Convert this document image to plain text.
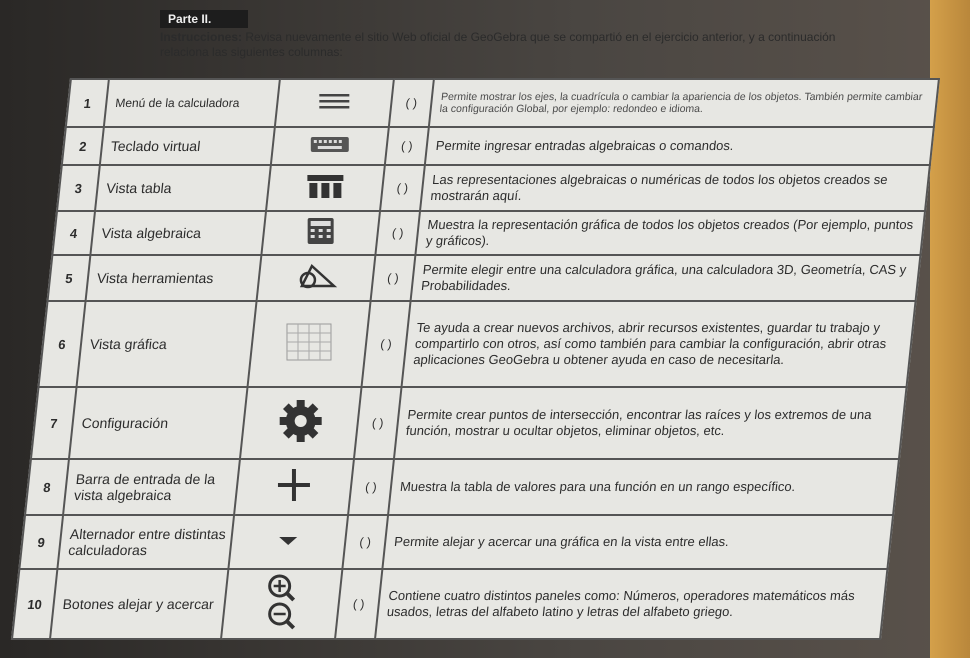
Parte II.
Instrucciones: Revisa nuevamente el sitio Web oficial de GeoGebra que se compartió en el ejercicio anterior, y a continuación relaciona las siguientes columnas:
1	Menú de la calculadora		( )	Permite mostrar los ejes, la cuadrícula o cambiar la apariencia de los objetos. También permite cambiar la configuración Global, por ejemplo: redondeo e idioma.
2	Teclado virtual		( )	Permite ingresar entradas algebraicas o comandos.
3	Vista tabla		( )	Las representaciones algebraicas o numéricas de todos los objetos creados se mostrarán aquí.
4	Vista algebraica		( )	Muestra la representación gráfica de todos los objetos creados (Por ejemplo, puntos y gráficos).
5	Vista herramientas		( )	Permite elegir entre una calculadora gráfica, una calculadora 3D, Geometría, CAS y Probabilidades.
6	Vista gráfica		( )	Te ayuda a crear nuevos archivos, abrir recursos existentes, guardar tu trabajo y compartirlo con otros, así como también para cambiar la configuración, abrir otras aplicaciones GeoGebra u obtener ayuda en caso de necesitarla.
7	Configuración		( )	Permite crear puntos de intersección, encontrar las raíces y los extremos de una función, mostrar u ocultar objetos, eliminar objetos, etc.
8	Barra de entrada de la vista algebraica		( )	Muestra la tabla de valores para una función en un rango específico.
9	Alternador entre distintas calculadoras		( )	Permite alejar y acercar una gráfica en la vista entre ellas.
10	Botones alejar y acercar		( )	Contiene cuatro distintos paneles como: Números, operadores matemáticos más usados, letras del alfabeto latino y letras del alfabeto griego.
